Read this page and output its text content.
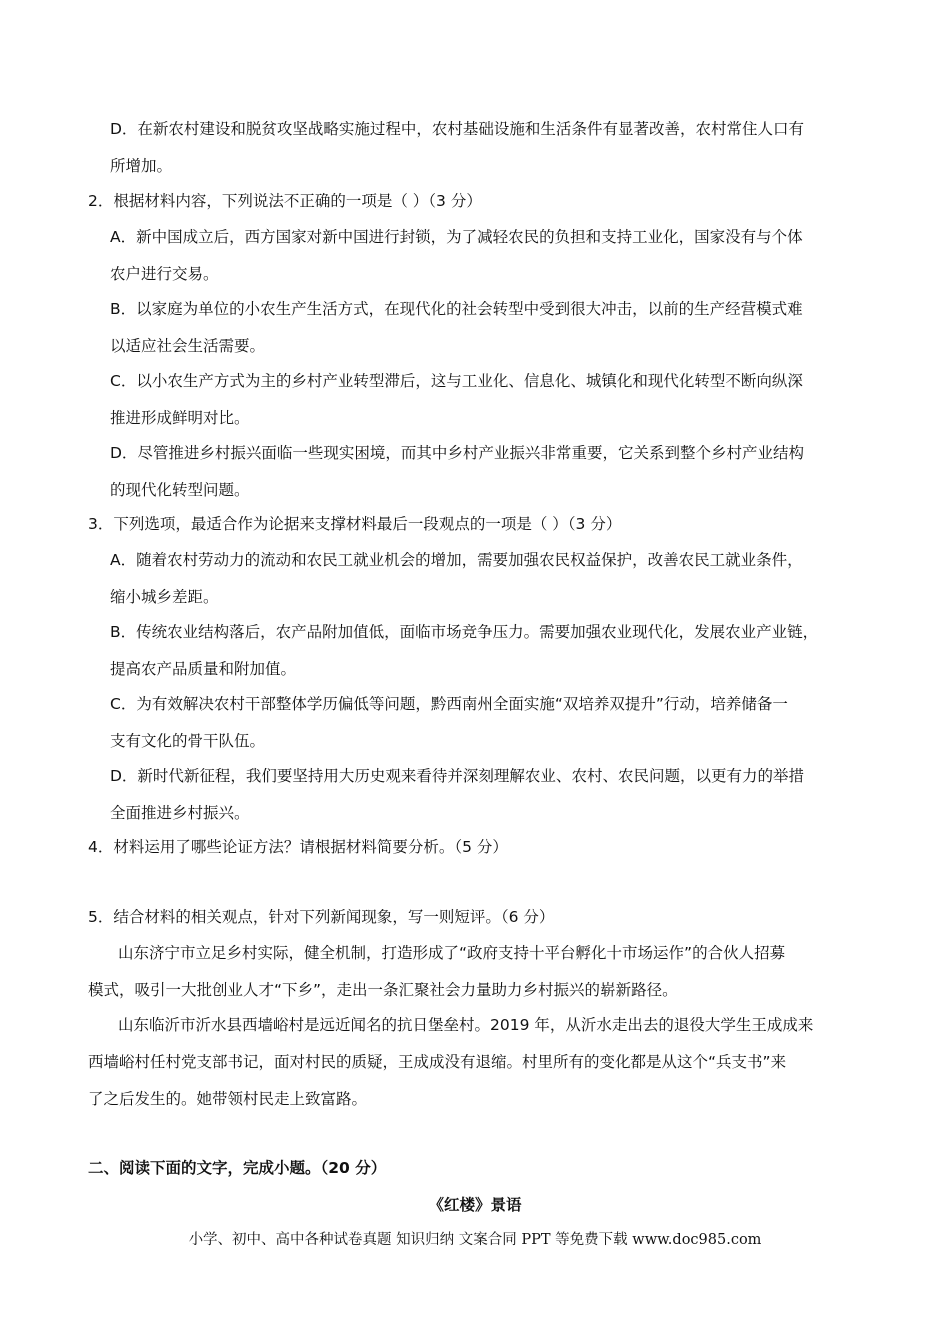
D．在新农村建设和脱贫攻坚战略实施过程中，农村基础设施和生活条件有显著改善，农村常住人口有
所增加。
2．根据材料内容，下列说法不正确的一项是（ ）（3 分）
A．新中国成立后，西方国家对新中国进行封锁，为了减轻农民的负担和支持工业化，国家没有与个体
农户进行交易。
B．以家庭为单位的小农生产生活方式，在现代化的社会转型中受到很大冲击，以前的生产经营模式难
以适应社会生活需要。
C．以小农生产方式为主的乡村产业转型滞后，这与工业化、信息化、城镇化和现代化转型不断向纵深
推进形成鲜明对比。
D．尽管推进乡村振兴面临一些现实困境，而其中乡村产业振兴非常重要，它关系到整个乡村产业结构
的现代化转型问题。
3．下列选项，最适合作为论据来支撑材料最后一段观点的一项是（ ）（3 分）
A．随着农村劳动力的流动和农民工就业机会的增加，需要加强农民权益保护，改善农民工就业条件，
缩小城乡差距。
B．传统农业结构落后，农产品附加值低，面临市场竞争压力。需要加强农业现代化，发展农业产业链，
提高农产品质量和附加值。
C．为有效解决农村干部整体学历偏低等问题，黔西南州全面实施“双培养双提升”行动，培养储备一
支有文化的骨干队伍。
D．新时代新征程，我们要坚持用大历史观来看待并深刻理解农业、农村、农民问题，以更有力的举措
全面推进乡村振兴。
4．材料运用了哪些论证方法？请根据材料简要分析。（5 分）
5．结合材料的相关观点，针对下列新闻现象，写一则短评。（6 分）
山东济宁市立足乡村实际，健全机制，打造形成了“政府支持十平台孵化十市场运作”的合伙人招募
模式，吸引一大批创业人才“下乡”，走出一条汇聚社会力量助力乡村振兴的崭新路径。
山东临沂市沂水县西墙峪村是远近闻名的抗日堡垒村。2019 年，从沂水走出去的退役大学生王成成来
西墙峪村任村党支部书记，面对村民的质疑，王成成没有退缩。村里所有的变化都是从这个“兵支书”来
了之后发生的。她带领村民走上致富路。
二、阅读下面的文字，完成小题。（20 分）
《红楼》景语
小学、初中、高中各种试卷真题 知识归纳 文案合同 PPT 等免费下载 www.doc985.com
